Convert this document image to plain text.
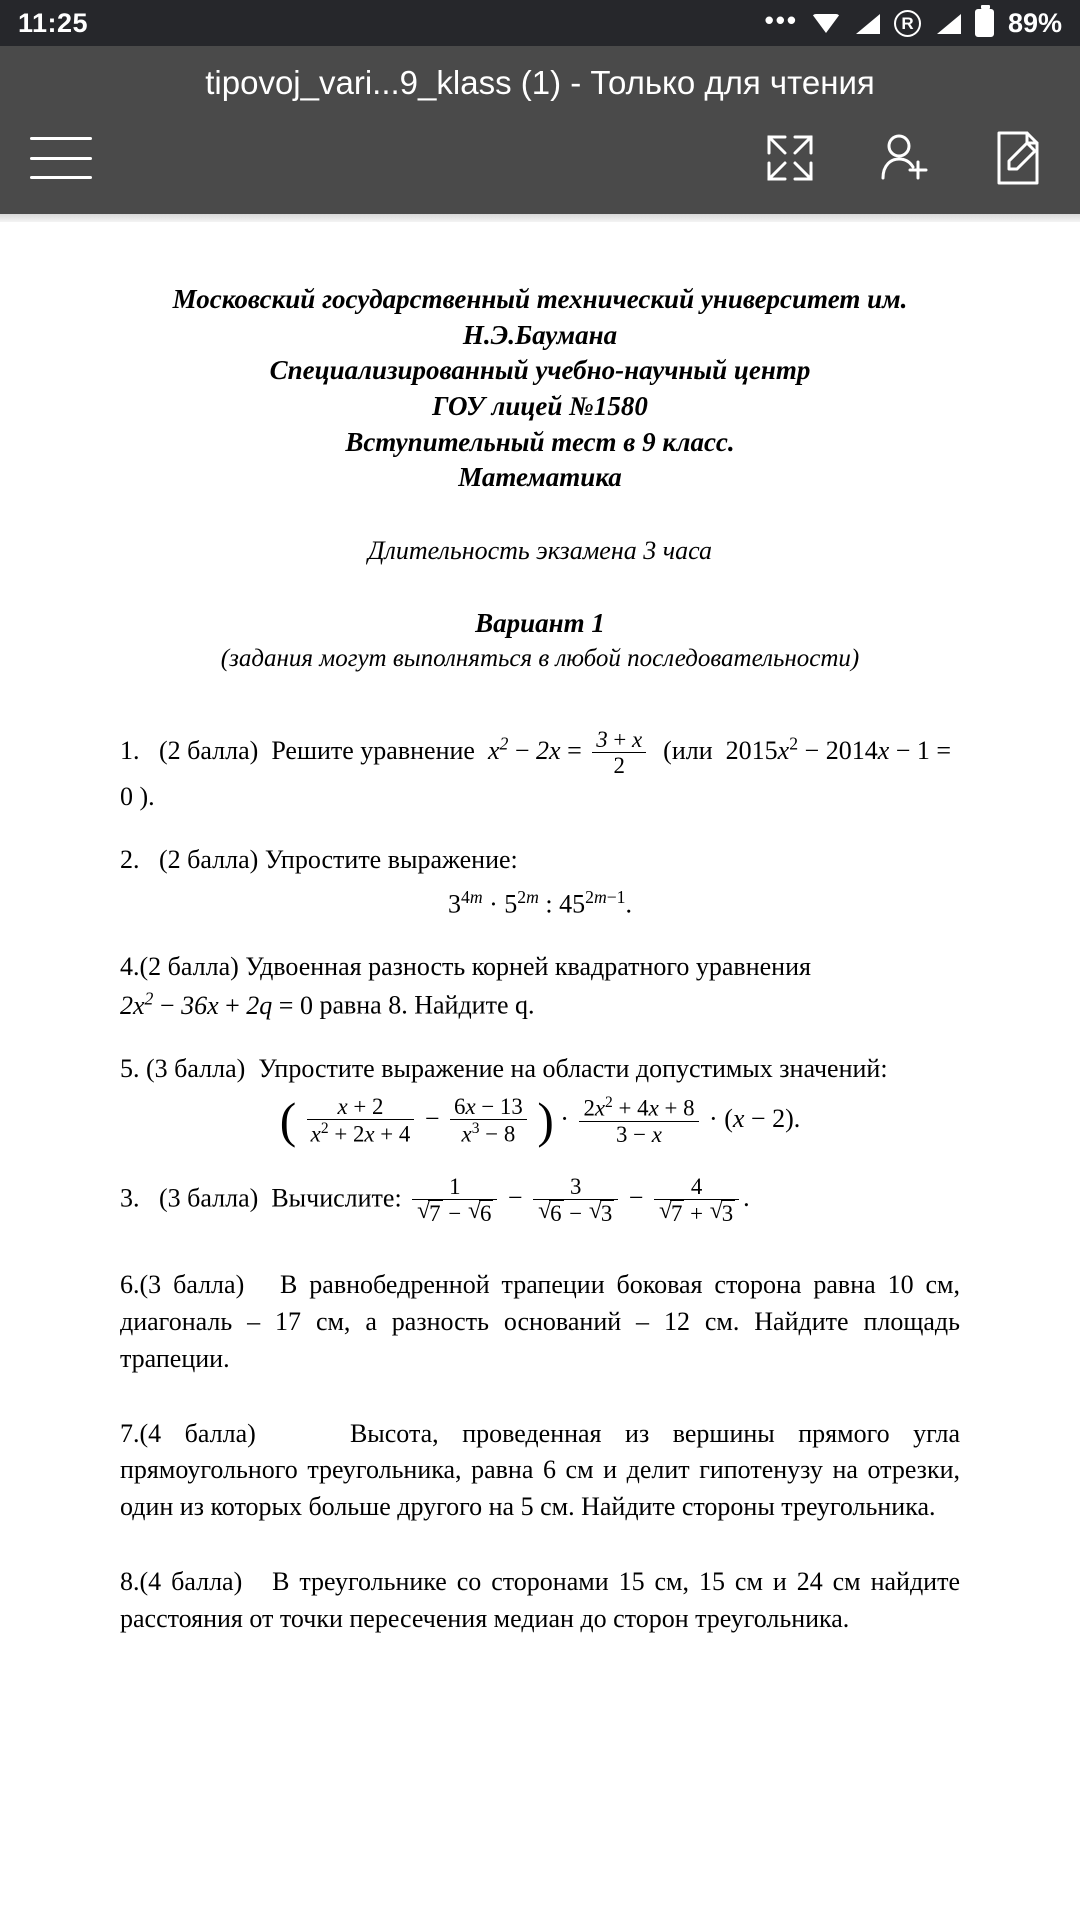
11:25	•••	R	89%
tipovoj_vari...9_klass (1) - Только для чтения
Московский государственный технический университет им.
Н.Э.Баумана
Специализированный учебно-научный центр
ГОУ лицей №1580
Вступительный тест в 9 класс.
Математика
Длительность экзамена 3 часа
Вариант 1
(задания могут выполняться в любой последовательности)
1. (2 балла) Решите уравнение $x^2 - 2x = \frac{3 + x}{2} (или$  $2015x^2 - 2014x - 1 = 0$ ).
2. (2 балла) Упростите выражение:
$3^{4m} \cdot 5^{2m}$ : $45^{2m-1}$.
4.(2 балла) Удвоенная разность корней квадратного уравнения
$2x^2 - 36x + 2q = 0$ равна 8. Найдите q.
5. (3 балла) Упростите выражение на области допустимых значений:
( $\frac{x + 2}{x^2 + 2x + 4} - \frac{6x - 13}{x^3 - 8}$ ) · $\frac{2x^2 + 4x + 8}{3 - x} \cdot (x - 2)$.
3. (3 балла) Вычислите: 1
√ 7 − √ 6 − 3
√ 6 − √ 3 − 4
√ 7 + √ 3 .
6.(3 балла) В равнобедренной трапеции боковая сторона равна 10 см, диагональ – 17 см, а разность оснований – 12 см. Найдите площадь трапеции.
7.(4 балла)	Высота, проведенная из вершины прямого угла прямоугольного треугольника, равна 6 см и делит гипотенузу на отрезки, один из которых больше другого на 5 см. Найдите стороны треугольника.
8.(4 балла) В треугольнике со сторонами 15 см, 15 см и 24 см найдите расстояния от точки пересечения медиан до сторон треугольника.
